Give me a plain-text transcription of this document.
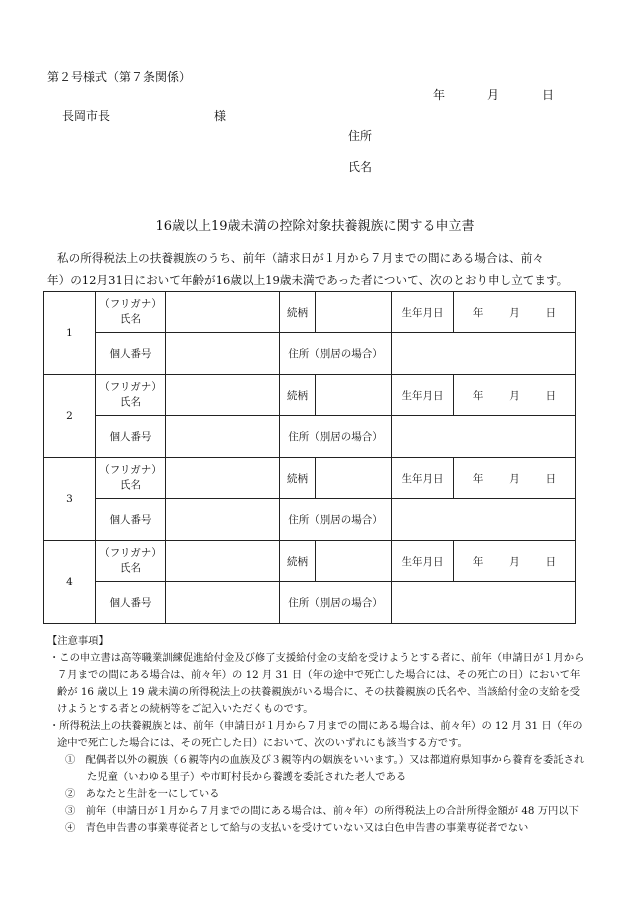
第２号様式（第７条関係）
年	月	日
長岡市長	様
住所
氏名
16歳以上19歳未満の控除対象扶養親族に関する申立書
私の所得税法上の扶養親族のうち、前年（請求日が１月から７月までの間にある場合は、前々
年）の12月31日において年齢が16歳以上19歳未満であった者について、次のとおり申し立てます。
1	（フリガナ）
氏名		続柄		生年月日	年 月 日

	個人番号		住所（別居の場合）			
2	（フリガナ）
氏名		続柄		生年月日	年 月 日

	個人番号		住所（別居の場合）			
3	（フリガナ）
氏名		続柄		生年月日	年 月 日

	個人番号		住所（別居の場合）			
4	（フリガナ）
氏名		続柄		生年月日	年 月 日

	個人番号		住所（別居の場合）			

【注意事項】

・この申立書は高等職業訓練促進給付金及び修了支援給付金の支給を受けようとする者に、前年（申請日が１月から７月までの間にある場合は、前々年）の 12 月 31 日（年の途中で死亡した場合には、その死亡の日）において年齢が 16 歳以上 19 歳未満の所得税法上の扶養親族がいる場合に、その扶養親族の氏名や、当該給付金の支給を受けようとする者との続柄等をご記入いただくものです。

・所得税法上の扶養親族とは、前年（申請日が１月から７月までの間にある場合は、前々年）の 12 月 31 日（年の途中で死亡した場合には、その死亡した日）において、次のいずれにも該当する方です。

①　配偶者以外の親族（６親等内の血族及び３親等内の姻族をいいます。）又は都道府県知事から養育を委託された児童（いわゆる里子）や市町村長から養護を委託された老人である

②　あなたと生計を一にしている

③　前年（申請日が１月から７月までの間にある場合は、前々年）の所得税法上の合計所得金額が 48 万円以下

④　青色申告書の事業専従者として給与の支払いを受けていない又は白色申告書の事業専従者でない
